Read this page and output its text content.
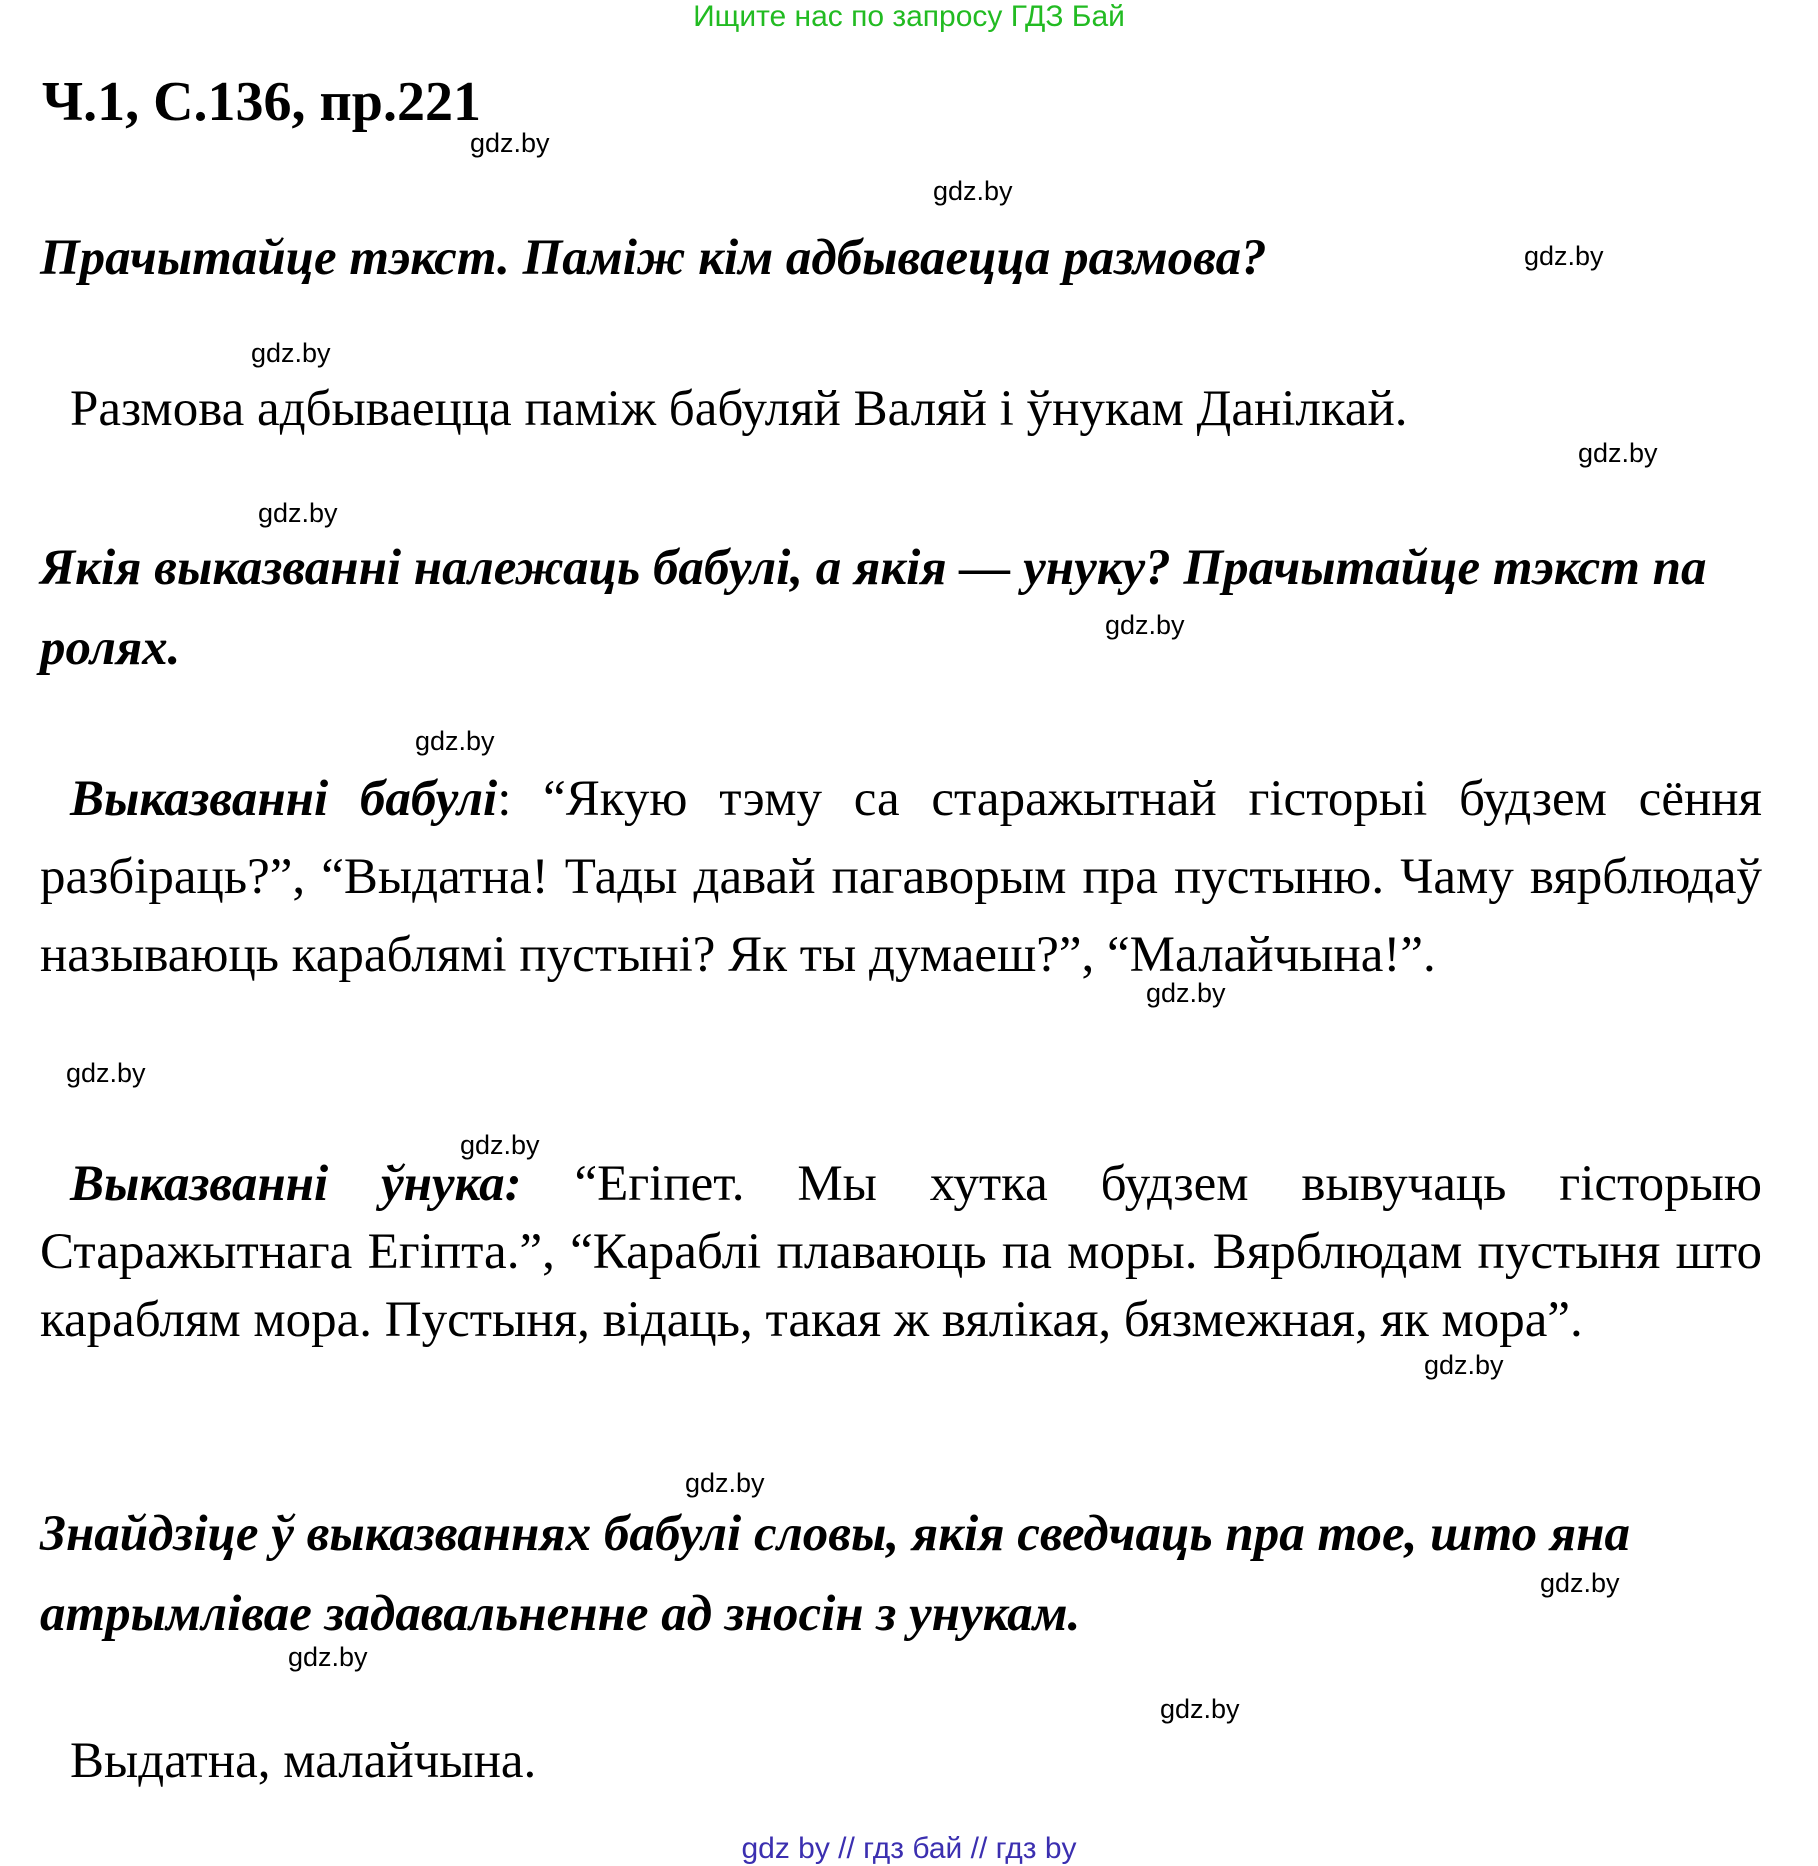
Ищите нас по запросу ГДЗ Бай
Ч.1, С.136, пр.221
gdz.by
gdz.by
Прачытайце тэкст. Паміж кім адбываецца размова?	gdz.by
gdz.by
Размова адбываецца паміж бабуляй Валяй і ўнукам Данілкай.
gdz.by
gdz.by
Якія выказванні належаць бабулі, а якія — унуку? Прачытайце тэкст па ролях.	gdz.by
gdz.by
Выказванні бабулі: “Якую тэму са старажытнай гісторыі будзем сёння разбіраць?”, “Выдатна! Тады давай пагаворым пра пустыню. Чаму вярблюдаў называюць караблямі пустыні? Як ты думаеш?”, “Малайчына!”.
gdz.by
gdz.by
gdz.by
Выказванні ўнука: “Егіпет. Мы хутка будзем вывучаць гісторыю Старажытнага Егіпта.”, “Караблі плаваюць па моры. Вярблюдам пустыня што караблям мора. Пустыня, відаць, такая ж вялікая, бязмежная, як мора”.
gdz.by
gdz.by
Знайдзіце ў выказваннях бабулі словы, якія сведчаць пра тое, што яна атрымлівае задавальненне ад зносін з унукам.
gdz.by
gdz.by
gdz.by
Выдатна, малайчына.
gdz by // гдз бай // гдз by
